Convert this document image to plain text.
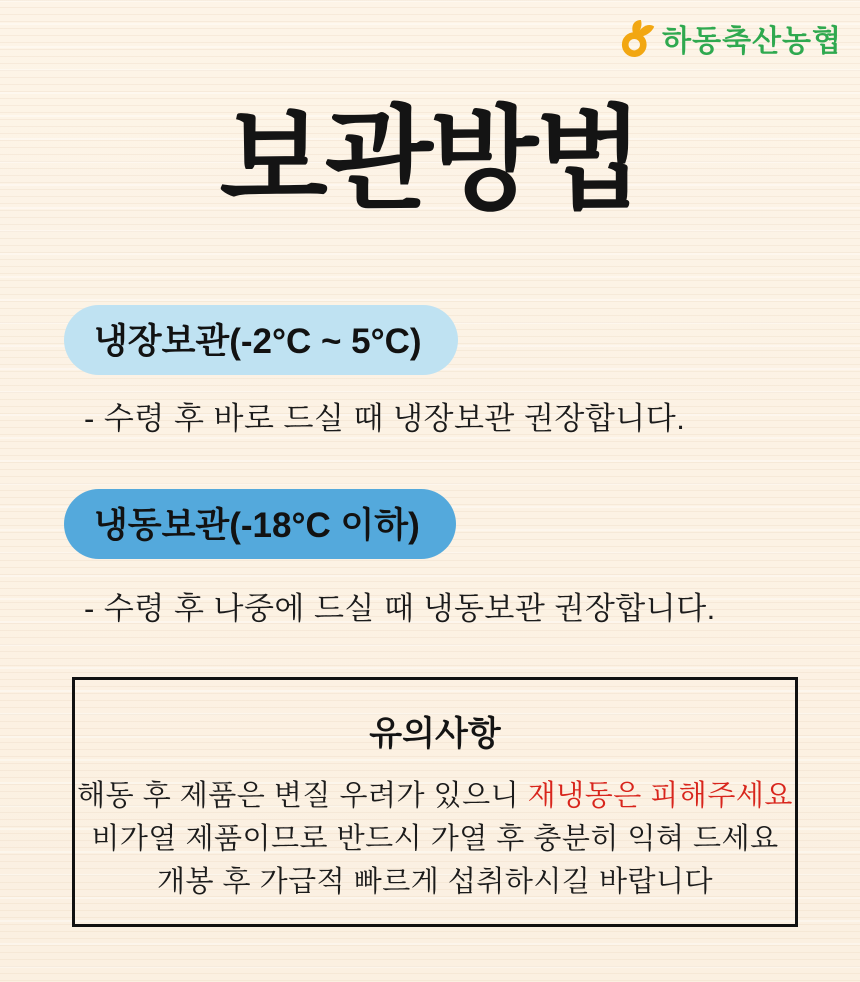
하동축산농협
보관방법
냉장보관(-2°C ~ 5°C)

- 수령 후 바로 드실 때 냉장보관 권장합니다.

냉동보관(-18°C 이하)

- 수령 후 나중에 드실 때 냉동보관 권장합니다.

유의사항

해동 후 제품은 변질 우려가 있으니 재냉동은 피해주세요

비가열 제품이므로 반드시 가열 후 충분히 익혀 드세요

개봉 후 가급적 빠르게 섭취하시길 바랍니다
